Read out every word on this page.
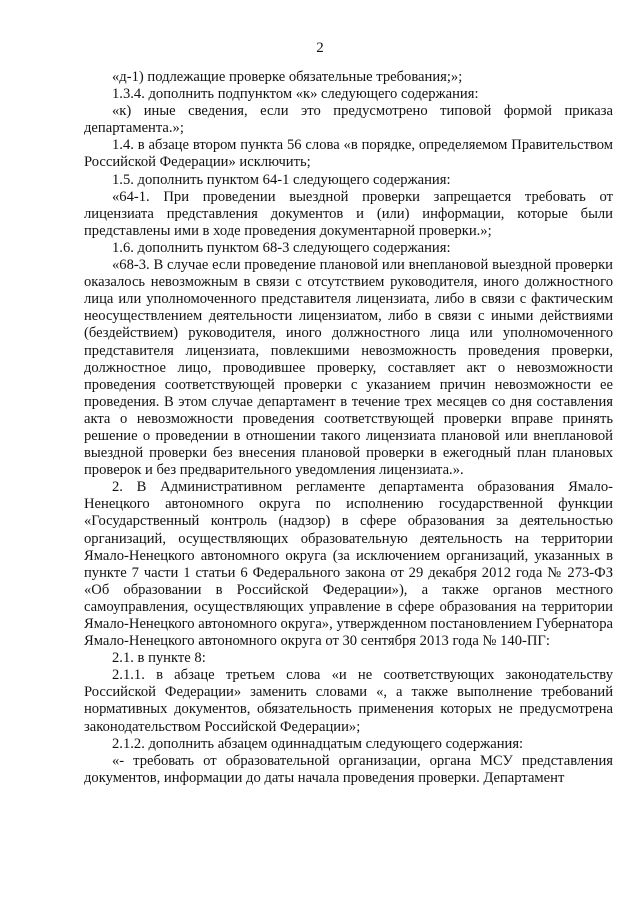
2

«д-1) подлежащие проверке обязательные требования;»;

1.3.4. дополнить подпунктом «к» следующего содержания:

«к) иные сведения, если это предусмотрено типовой формой приказа департамента.»;

1.4. в абзаце втором пункта 56 слова «в порядке, определяемом Правительством Российской Федерации» исключить;

1.5. дополнить пунктом 64-1 следующего содержания:

«64-1. При проведении выездной проверки запрещается требовать от лицензиата представления документов и (или) информации, которые были представлены ими в ходе проведения документарной проверки.»;

1.6. дополнить пунктом 68-3 следующего содержания:

«68-3. В случае если проведение плановой или внеплановой выездной проверки оказалось невозможным в связи с отсутствием руководителя, иного должностного лица или уполномоченного представителя лицензиата, либо в связи с фактическим неосуществлением деятельности лицензиатом, либо в связи с иными действиями (бездействием) руководителя, иного должностного лица или уполномоченного представителя лицензиата, повлекшими невозможность проведения проверки, должностное лицо, проводившее проверку, составляет акт о невозможности проведения соответствующей проверки с указанием причин невозможности ее проведения. В этом случае департамент в течение трех месяцев со дня составления акта о невозможности проведения соответствующей проверки вправе принять решение о проведении в отношении такого лицензиата плановой или внеплановой выездной проверки без внесения плановой проверки в ежегодный план плановых проверок и без предварительного уведомления лицензиата.».

2. В Административном регламенте департамента образования Ямало-Ненецкого автономного округа по исполнению государственной функции «Государственный контроль (надзор) в сфере образования за деятельностью организаций, осуществляющих образовательную деятельность на территории Ямало-Ненецкого автономного округа (за исключением организаций, указанных в пункте 7 части 1 статьи 6 Федерального закона от 29 декабря 2012 года № 273-ФЗ «Об образовании в Российской Федерации»), а также органов местного самоуправления, осуществляющих управление в сфере образования на территории Ямало-Ненецкого автономного округа», утвержденном постановлением Губернатора Ямало-Ненецкого автономного округа от 30 сентября 2013 года № 140-ПГ:

2.1. в пункте 8:

2.1.1. в абзаце третьем слова «и не соответствующих законодательству Российской Федерации» заменить словами «, а также выполнение требований нормативных документов, обязательность применения которых не предусмотрена законодательством Российской Федерации»;

2.1.2. дополнить абзацем одиннадцатым следующего содержания:

«- требовать от образовательной организации, органа МСУ представления документов, информации до даты начала проведения проверки. Департамент
